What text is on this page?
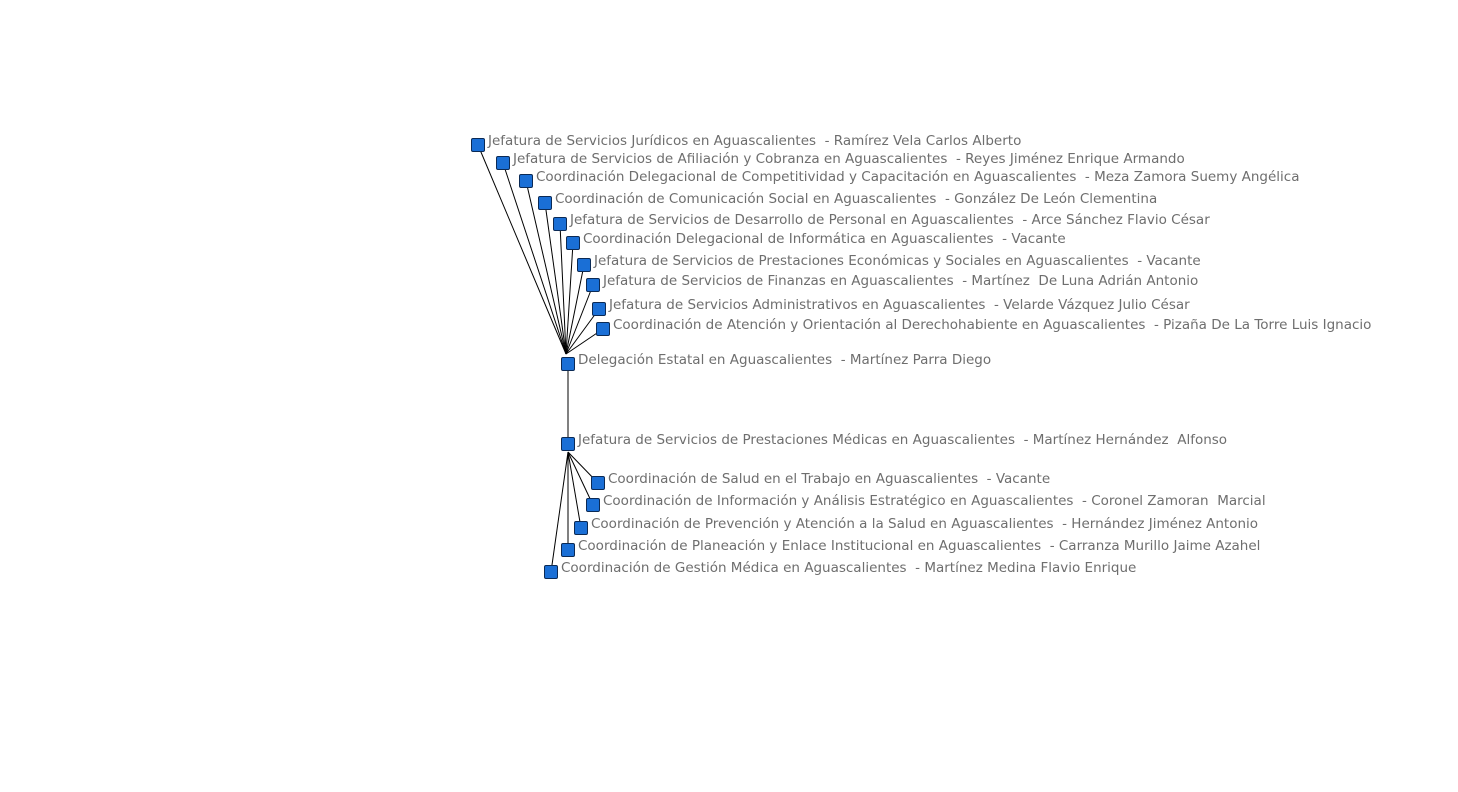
Jefatura de Servicios Jurídicos en Aguascalientes  - Ramírez Vela Carlos Alberto
Jefatura de Servicios de Afiliación y Cobranza en Aguascalientes  - Reyes Jiménez Enrique Armando
Coordinación Delegacional de Competitividad y Capacitación en Aguascalientes  - Meza Zamora Suemy Angélica
Coordinación de Comunicación Social en Aguascalientes  - González De León Clementina
Jefatura de Servicios de Desarrollo de Personal en Aguascalientes  - Arce Sánchez Flavio César
Coordinación Delegacional de Informática en Aguascalientes  - Vacante
Jefatura de Servicios de Prestaciones Económicas y Sociales en Aguascalientes  - Vacante
Jefatura de Servicios de Finanzas en Aguascalientes  - Martínez  De Luna Adrián Antonio
Jefatura de Servicios Administrativos en Aguascalientes  - Velarde Vázquez Julio César
Coordinación de Atención y Orientación al Derechohabiente en Aguascalientes  - Pizaña De La Torre Luis Ignacio
Delegación Estatal en Aguascalientes  - Martínez Parra Diego
Jefatura de Servicios de Prestaciones Médicas en Aguascalientes  - Martínez Hernández  Alfonso
Coordinación de Salud en el Trabajo en Aguascalientes  - Vacante
Coordinación de Información y Análisis Estratégico en Aguascalientes  - Coronel Zamoran  Marcial
Coordinación de Prevención y Atención a la Salud en Aguascalientes  - Hernández Jiménez Antonio
Coordinación de Planeación y Enlace Institucional en Aguascalientes  - Carranza Murillo Jaime Azahel
Coordinación de Gestión Médica en Aguascalientes  - Martínez Medina Flavio Enrique
